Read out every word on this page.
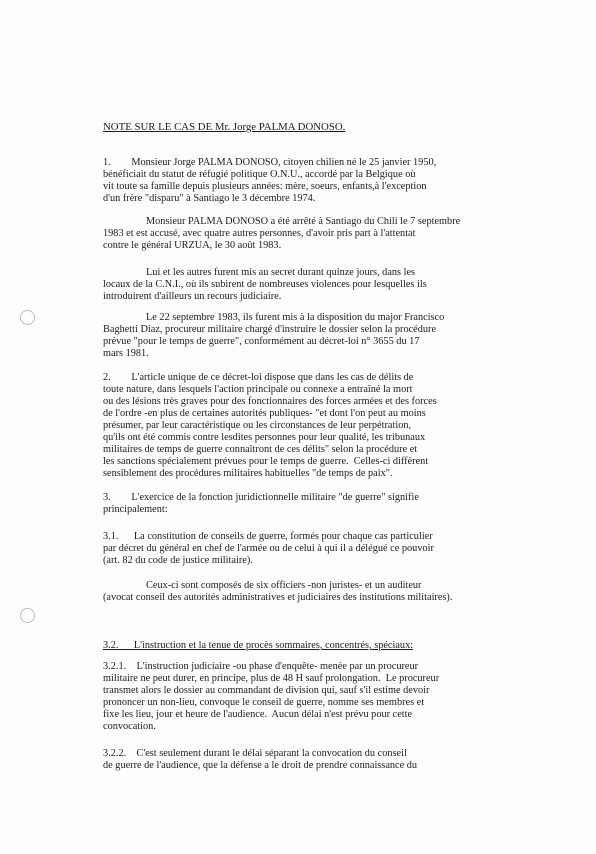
NOTE SUR LE CAS DE Mr. Jorge PALMA DONOSO.
1.        Monsieur Jorge PALMA DONOSO, citoyen chilien né le 25 janvier 1950,
bénéficiait du statut de réfugié politique O.N.U., accordé par la Belgique où
vit toute sa famille depuis plusieurs années: mère, soeurs, enfants,à l'exception
d'un frère "disparu" à Santiago le 3 décembre 1974.
Monsieur PALMA DONOSO a été arrêté à Santiago du Chili le 7 septembre
1983 et est accusé, avec quatre autres personnes, d'avoir pris part à l'attentat
contre le général URZUA, le 30 août 1983.
Lui et les autres furent mis au secret durant quinze jours, dans les
locaux de la C.N.I., où ils subirent de nombreuses violences pour lesquelles ils
introduirent d'ailleurs un recours judiciaire.
Le 22 septembre 1983, ils furent mis à la disposition du major Francisco
Baghetti Diaz, procureur militaire chargé d'instruire le dossier selon la procédure
prévue "pour le temps de guerre", conformément au décret-loi n° 3655 du 17
mars 1981.
2.        L'article unique de ce décret-loi dispose que dans les cas de délits de
toute nature, dans lesquels l'action principale ou connexe a entraîné la mort
ou des lésions très graves pour des fonctionnaires des forces armées et des forces
de l'ordre -en plus de certaines autorités publiques- "et dont l'on peut au moins
présumer, par leur caractéristique ou les circonstances de leur perpétration,
qu'ils ont été commis contre lesdites personnes pour leur qualité, les tribunaux
militaires de temps de guerre connaîtront de ces délits" selon la procédure et
les sanctions spécialement prévues pour le temps de guerre.  Celles-ci diffèrent
sensiblement des procédures militaires habituelles "de temps de paix".
3.        L'exercice de la fonction juridictionnelle militaire "de guerre" signifie
principalement:
3.1.      La constitution de conseils de guerre, formés pour chaque cas particulier
par décret du général en chef de l'armée ou de celui à qui il a délégué ce pouvoir
(art. 82 du code de justice militaire).
Ceux-ci sont composés de six officiers -non juristes- et un auditeur
(avocat conseil des autorités administratives et judiciaires des institutions militaires).
3.2.      L'instruction et la tenue de procès sommaires, concentrés, spéciaux:
3.2.1.    L'instruction judiciaire -ou phase d'enquête- menée par un procureur
militaire ne peut durer, en principe, plus de 48 H sauf prolongation.  Le procureur
transmet alors le dossier au commandant de division qui, sauf s'il estime devoir
prononcer un non-lieu, convoque le conseil de guerre, nomme ses membres et
fixe les lieu, jour et heure de l'audience.  Aucun délai n'est prévu pour cette
convocation.
3.2.2.    C'est seulement durant le délai séparant la convocation du conseil
de guerre de l'audience, que la défense a le droit de prendre connaissance du
